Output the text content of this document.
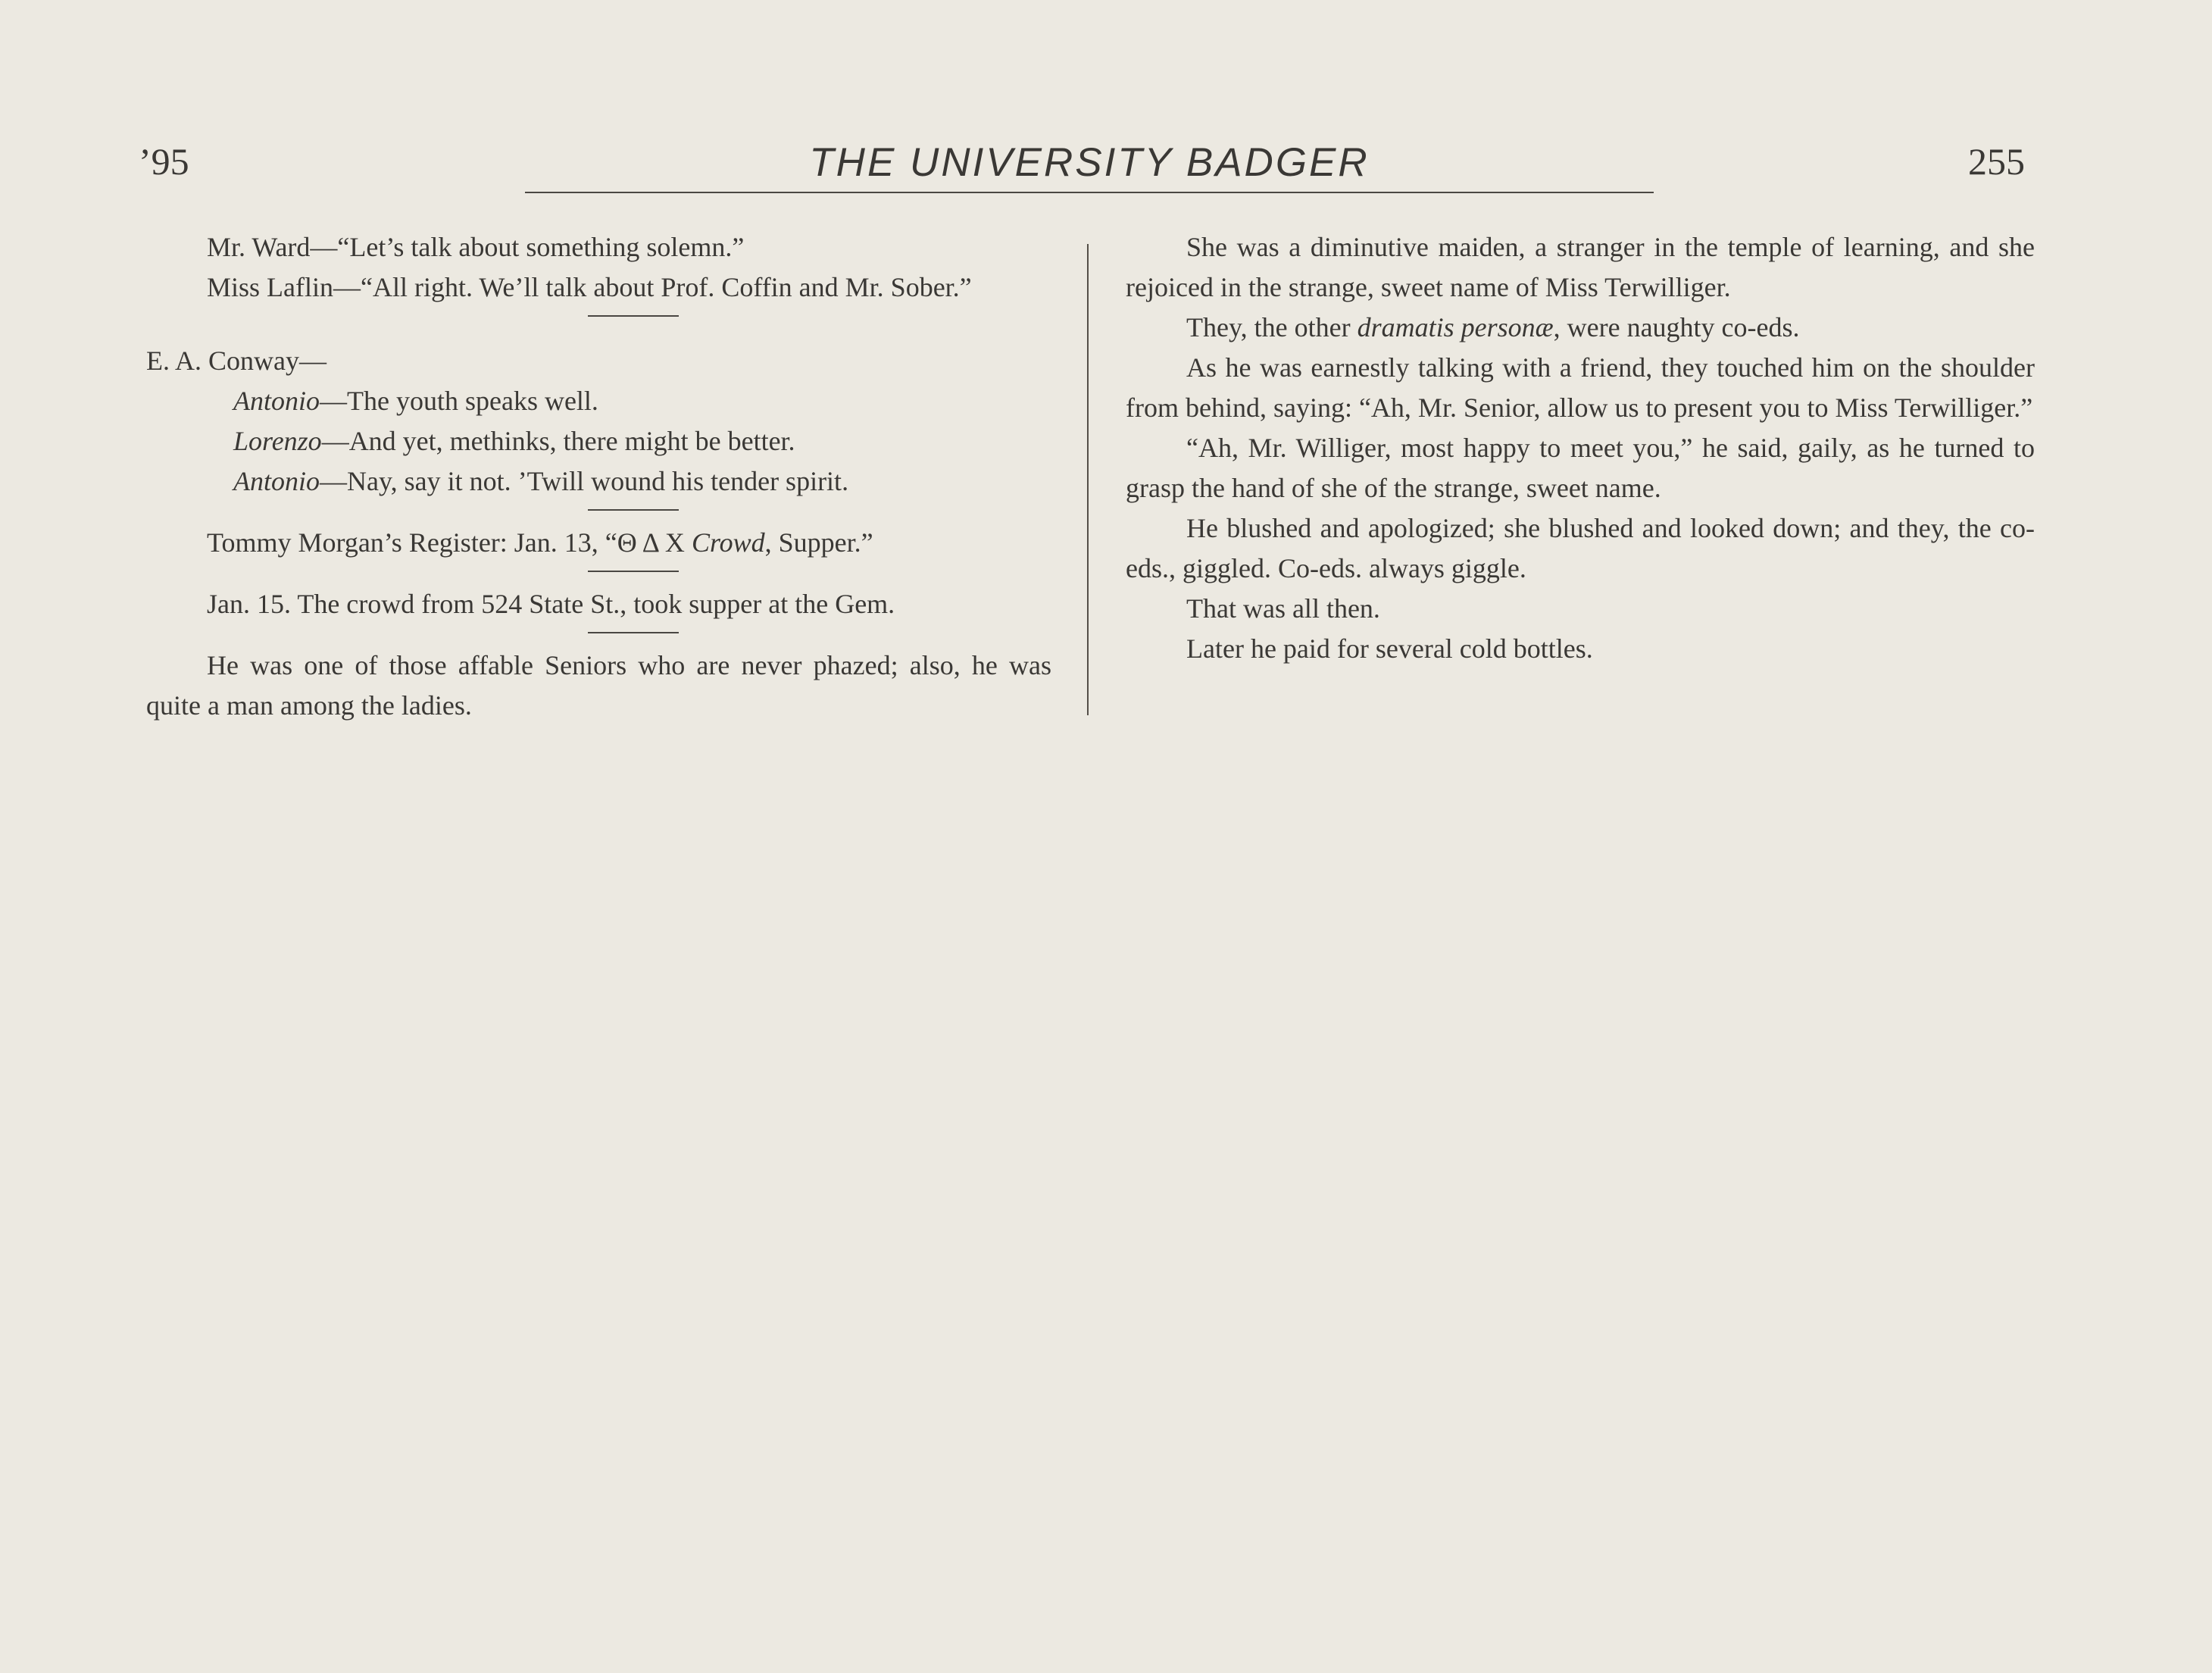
’95	THE UNIVERSITY BADGER	255

Mr. Ward—“Let’s talk about something solemn.”

Miss Laflin—“All right. We’ll talk about Prof. Coffin and Mr. Sober.”

E. A. Conway—

Antonio—The youth speaks well.

Lorenzo—And yet, methinks, there might be better.

Antonio—Nay, say it not. ’Twill wound his tender spirit.

Tommy Morgan’s Register: Jan. 13, “Θ Δ X Crowd, Supper.”

Jan. 15. The crowd from 524 State St., took supper at the Gem.

He was one of those affable Seniors who are never phazed; also, he was quite a man among the ladies.

She was a diminutive maiden, a stranger in the temple of learning, and she rejoiced in the strange, sweet name of Miss Terwilliger.

They, the other dramatis personæ, were naughty co-eds.

As he was earnestly talking with a friend, they touched him on the shoulder from behind, saying: “Ah, Mr. Senior, allow us to present you to Miss Terwilliger.”

“Ah, Mr. Williger, most happy to meet you,” he said, gaily, as he turned to grasp the hand of she of the strange, sweet name.

He blushed and apologized; she blushed and looked down; and they, the co-eds., giggled. Co-eds. always giggle.

That was all then.

Later he paid for several cold bottles.
